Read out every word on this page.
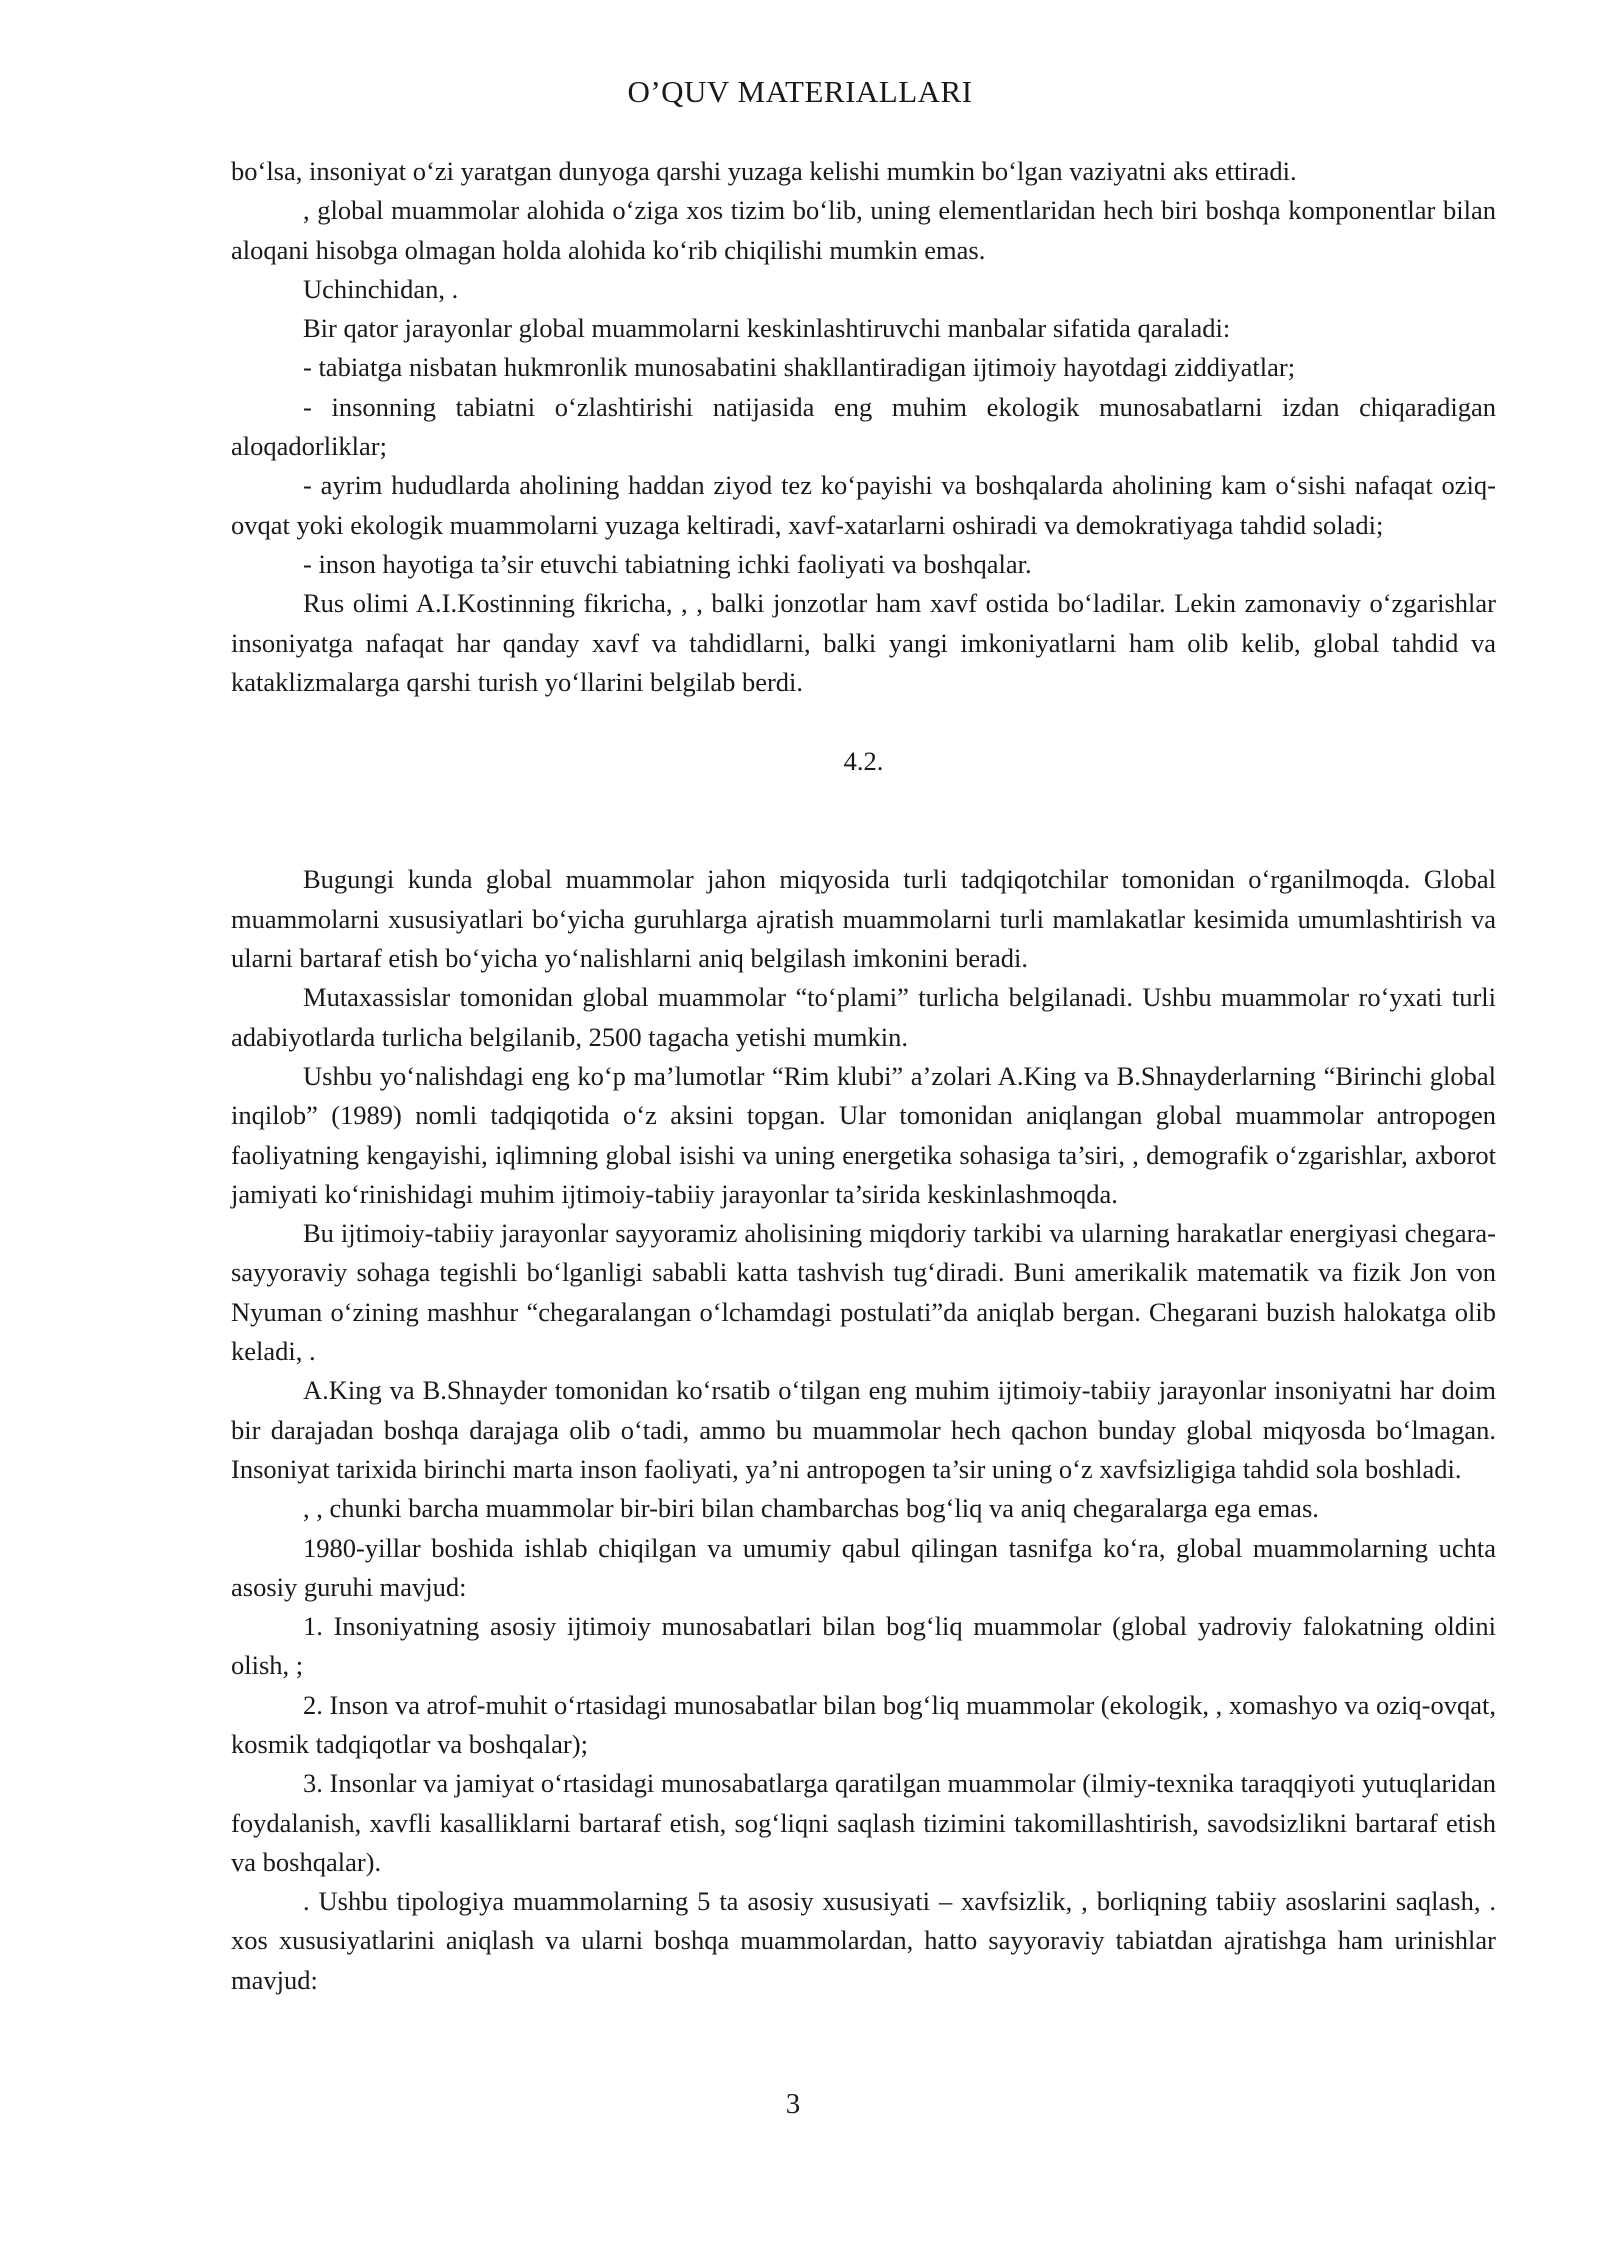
O’QUV MATERIALLARI

bo‘lsa, insoniyat o‘zi yaratgan dunyoga qarshi yuzaga kelishi mumkin bo‘lgan vaziyatni aks ettiradi.

, global muammolar alohida o‘ziga xos tizim bo‘lib, uning elementlaridan hech biri boshqa komponentlar bilan aloqani hisobga olmagan holda alohida ko‘rib chiqilishi mumkin emas.

Uchinchidan, .

Bir qator jarayonlar global muammolarni keskinlashtiruvchi manbalar sifatida qaraladi:

- tabiatga nisbatan hukmronlik munosabatini shakllantiradigan ijtimoiy hayotdagi ziddiyatlar;

- insonning tabiatni o‘zlashtirishi natijasida eng muhim ekologik munosabatlarni izdan chiqaradigan aloqadorliklar;

- ayrim hududlarda aholining haddan ziyod tez ko‘payishi va boshqalarda aholining kam o‘sishi nafaqat oziq-ovqat yoki ekologik muammolarni yuzaga keltiradi, xavf-xatarlarni oshiradi va demokratiyaga tahdid soladi;

- inson hayotiga ta’sir etuvchi tabiatning ichki faoliyati va boshqalar.

Rus olimi A.I.Kostinning fikricha, , , balki jonzotlar ham xavf ostida bo‘ladilar. Lekin zamonaviy o‘zgarishlar insoniyatga nafaqat har qanday xavf va tahdidlarni, balki yangi imkoniyatlarni ham olib kelib, global tahdid va kataklizmalarga qarshi turish yo‘llarini belgilab berdi.

4.2.

Bugungi kunda global muammolar jahon miqyosida turli tadqiqotchilar tomonidan o‘rganilmoqda. Global muammolarni xususiyatlari bo‘yicha guruhlarga ajratish muammolarni turli mamlakatlar kesimida umumlashtirish va ularni bartaraf etish bo‘yicha yo‘nalishlarni aniq belgilash imkonini beradi.

Mutaxassislar tomonidan global muammolar “to‘plami” turlicha belgilanadi. Ushbu muammolar ro‘yxati turli adabiyotlarda turlicha belgilanib, 2500 tagacha yetishi mumkin.

Ushbu yo‘nalishdagi eng ko‘p ma’lumotlar “Rim klubi” a’zolari A.King va B.Shnayderlarning “Birinchi global inqilob” (1989) nomli tadqiqotida o‘z aksini topgan. Ular tomonidan aniqlangan global muammolar antropogen faoliyatning kengayishi, iqlimning global isishi va uning energetika sohasiga ta’siri, , demografik o‘zgarishlar, axborot jamiyati ko‘rinishidagi muhim ijtimoiy-tabiiy jarayonlar ta’sirida keskinlashmoqda.

Bu ijtimoiy-tabiiy jarayonlar sayyoramiz aholisining miqdoriy tarkibi va ularning harakatlar energiyasi chegara-sayyoraviy sohaga tegishli bo‘lganligi sababli katta tashvish tug‘diradi. Buni amerikalik matematik va fizik Jon von Nyuman o‘zining mashhur “chegaralangan o‘lchamdagi postulati”da aniqlab bergan. Chegarani buzish halokatga olib keladi, .

A.King va B.Shnayder tomonidan ko‘rsatib o‘tilgan eng muhim ijtimoiy-tabiiy jarayonlar insoniyatni har doim bir darajadan boshqa darajaga olib o‘tadi, ammo bu muammolar hech qachon bunday global miqyosda bo‘lmagan. Insoniyat tarixida birinchi marta inson faoliyati, ya’ni antropogen ta’sir uning o‘z xavfsizligiga tahdid sola boshladi.

, , chunki barcha muammolar bir-biri bilan chambarchas bog‘liq va aniq chegaralarga ega emas.

1980-yillar boshida ishlab chiqilgan va umumiy qabul qilingan tasnifga ko‘ra, global muammolarning uchta asosiy guruhi mavjud:

1. Insoniyatning asosiy ijtimoiy munosabatlari bilan bog‘liq muammolar (global yadroviy falokatning oldini olish, ;

2. Inson va atrof-muhit o‘rtasidagi munosabatlar bilan bog‘liq muammolar (ekologik, , xomashyo va oziq-ovqat, kosmik tadqiqotlar va boshqalar);

3. Insonlar va jamiyat o‘rtasidagi munosabatlarga qaratilgan muammolar (ilmiy-texnika taraqqiyoti yutuqlaridan foydalanish, xavfli kasalliklarni bartaraf etish, sog‘liqni saqlash tizimini takomillashtirish, savodsizlikni bartaraf etish va boshqalar).

. Ushbu tipologiya muammolarning 5 ta asosiy xususiyati – xavfsizlik, , borliqning tabiiy asoslarini saqlash, . xos xususiyatlarini aniqlash va ularni boshqa muammolardan, hatto sayyoraviy tabiatdan ajratishga ham urinishlar mavjud:

3
